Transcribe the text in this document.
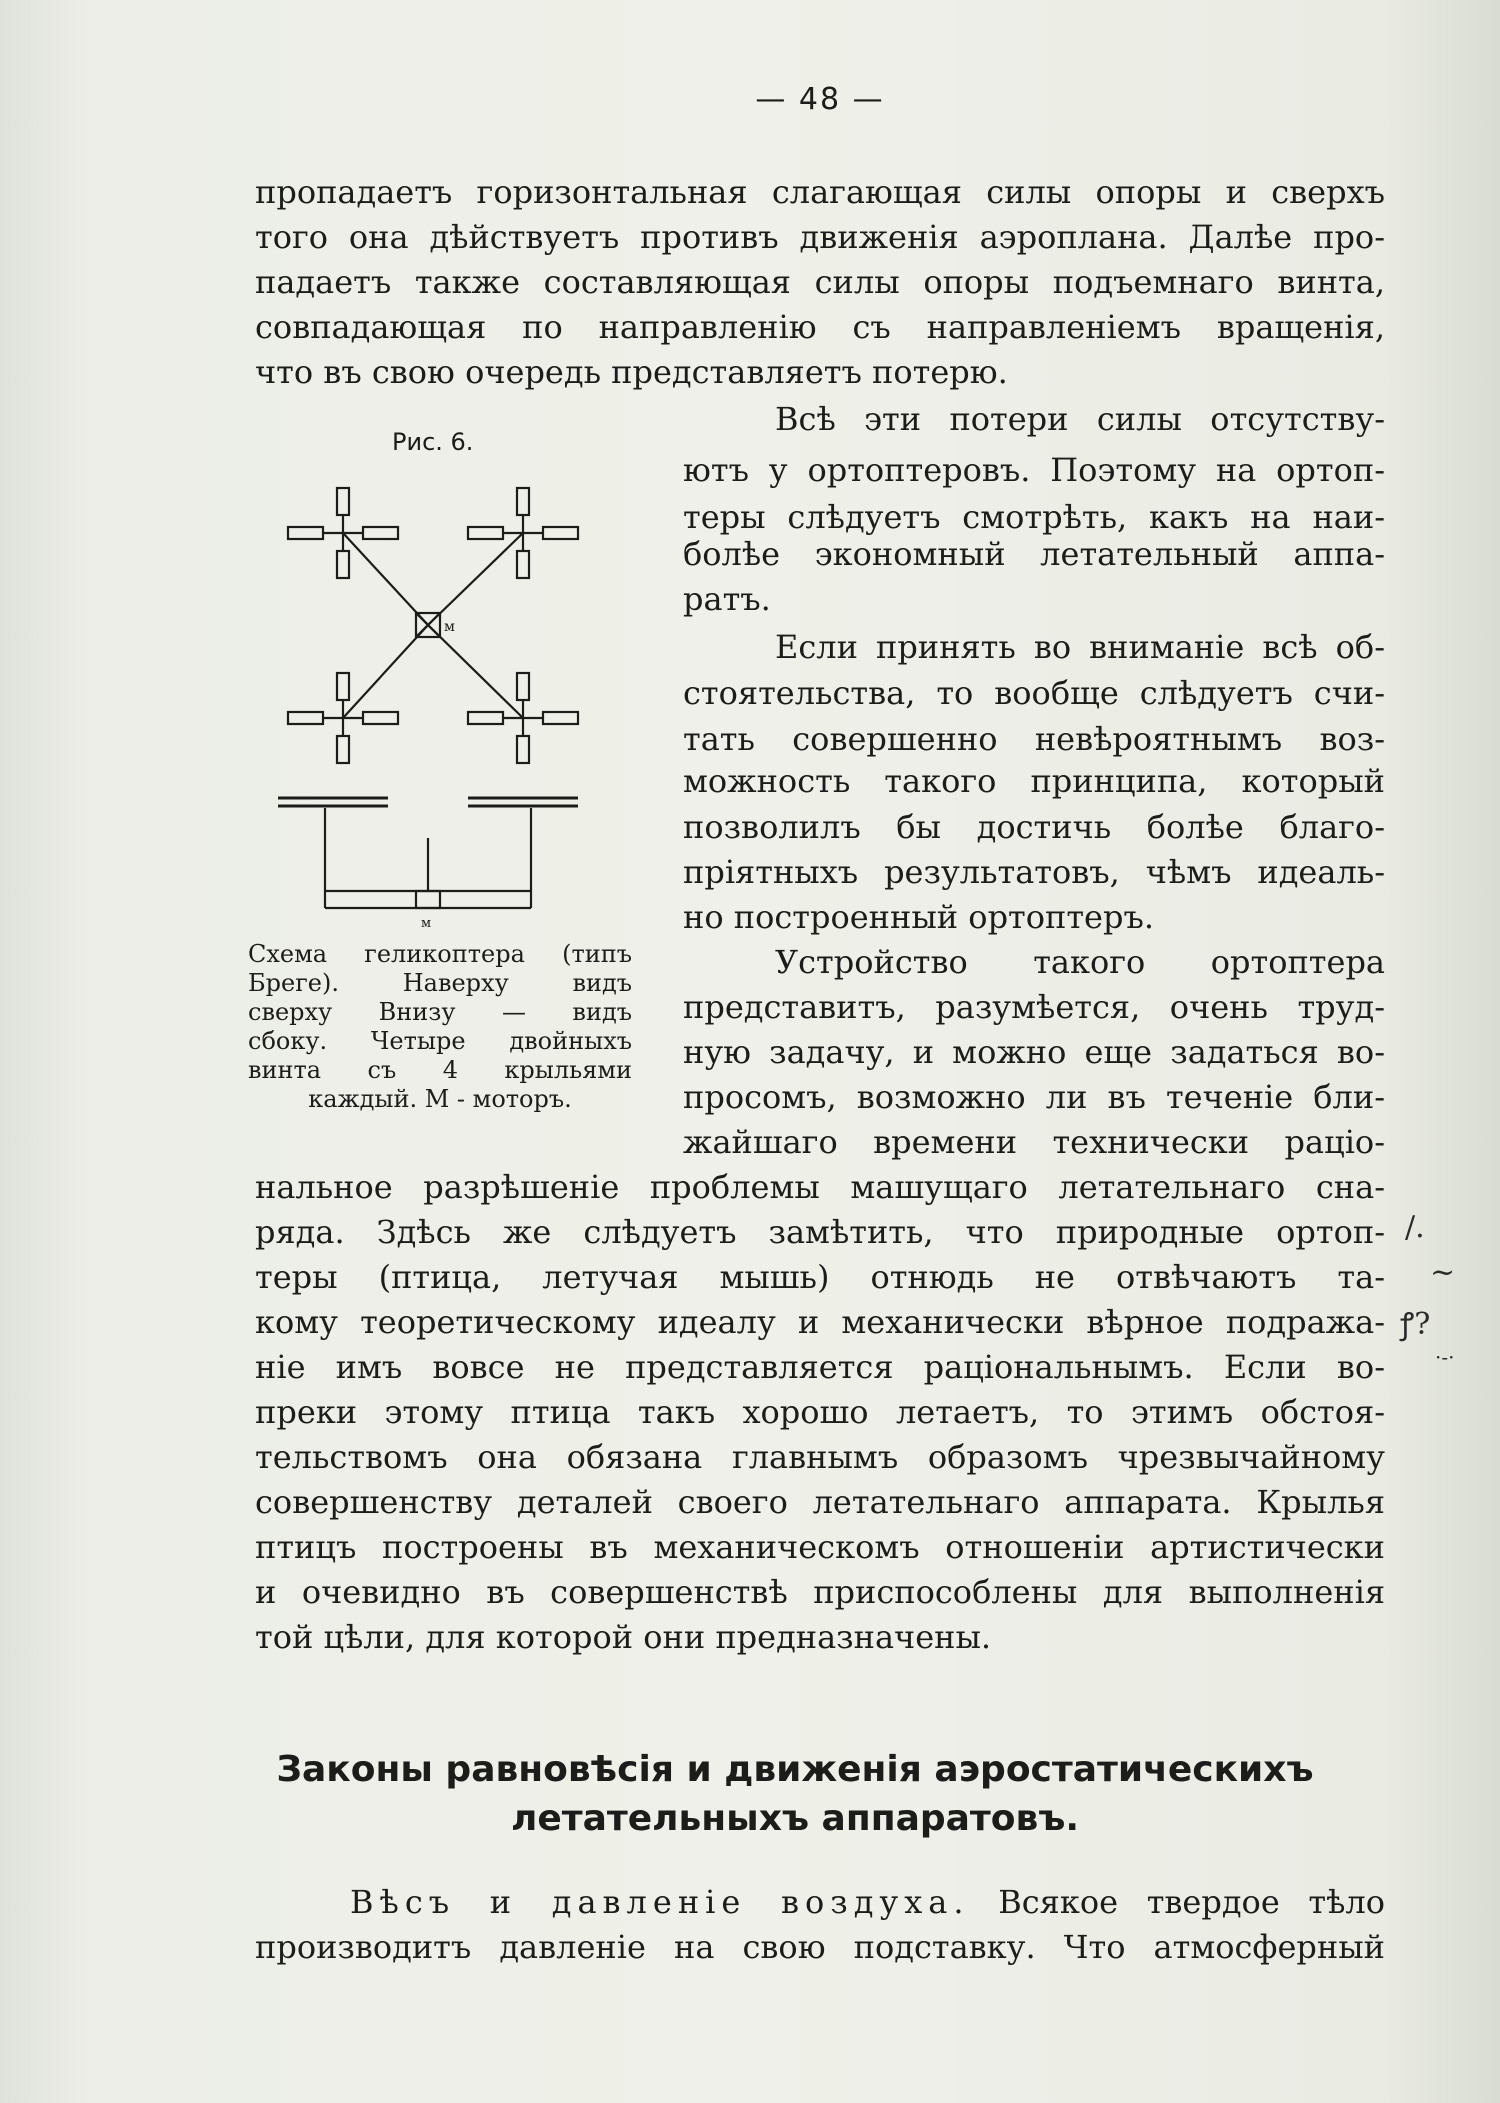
— 48 —
пропадаетъ горизонтальная слагающая силы опоры и сверхъ
того она дѣйствуетъ противъ движенія аэроплана. Далѣе про-
падаетъ также составляющая силы опоры подъемнаго винта,
совпадающая по направленію съ направленіемъ вращенія,
что въ свою очередь представляетъ потерю.
Всѣ эти потери силы отсутству-
ютъ у ортоптеровъ. Поэтому на ортоп-
теры слѣдуетъ смотрѣть, какъ на наи-
болѣе экономный летательный аппа-
ратъ.
Если принять во вниманіе всѣ об-
стоятельства, то вообще слѣдуетъ счи-
тать совершенно невѣроятнымъ воз-
можность такого принципа, который
позволилъ бы достичь болѣе благо-
пріятныхъ результатовъ, чѣмъ идеаль-
но построенный ортоптеръ.
Устройство такого ортоптера
представитъ, разумѣется, очень труд-
ную задачу, и можно еще задаться во-
просомъ, возможно ли въ теченіе бли-
жайшаго времени технически раціо-
нальное разрѣшеніе проблемы машущаго летательнаго сна-
ряда. Здѣсь же слѣдуетъ замѣтить, что природные ортоп-
теры (птица, летучая мышь) отнюдь не отвѣчаютъ та-
кому теоретическому идеалу и механически вѣрное подража-
ніе имъ вовсе не представляется раціональнымъ. Если во-
преки этому птица такъ хорошо летаетъ, то этимъ обстоя-
тельствомъ она обязана главнымъ образомъ чрезвычайному
совершенству деталей своего летательнаго аппарата. Крылья
птицъ построены въ механическомъ отношеніи артистически
и очевидно въ совершенствѣ приспособлены для выполненія
той цѣли, для которой они предназначены.
Рис. 6.
м
м
Схема геликоптера (типъ
Бреге). Наверху видъ
сверху Внизу — видъ
сбоку. Четыре двойныхъ
винта съ 4 крыльями
каждый. М - моторъ.
Законы равновѣсія и движенія аэростатическихъ
летательныхъ аппаратовъ.
Вѣсъ и давленіе воздуха. Всякое твердое тѣло
производитъ давленіе на свою подставку. Что атмосферный
/.
~
ꝭ?
·-·
